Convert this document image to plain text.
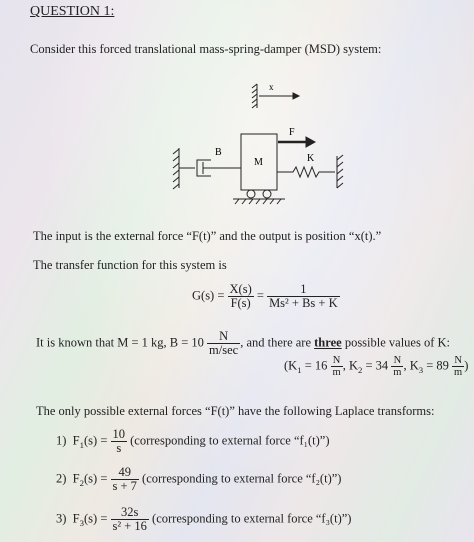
QUESTION 1:
Consider this forced translational mass-spring-damper (MSD) system:
x
F
B
M	K
The input is the external force “F(t)” and the output is position “x(t).”
The transfer function for this system is
$G(s) = \frac{X(s)}{F(s)} = \frac{1}{\text{Ms² + Bs + K}}$
It is known that M = 1 kg, $B = 10 \frac{N}{m/\sec}$ , and there are three possible values of K:
($K_1 = 16 \frac{N}{m}$ , $K_2 = 34 \frac{N}{m}$ , $K_3 = 89 \frac{N}{m}$ )
The only possible external forces “F(t)” have the following Laplace transforms:
1) $F_1(s) = \frac{10}{s}$ (corresponding to external force “f₁(t)”)
2) $F_2(s) = \frac{49}{s + 7}$ (corresponding to external force “f₂(t)”)
3) $F_3(s) = \frac{32s}{\text{s² + 16}}$ (corresponding to external force “f₃(t)”)
